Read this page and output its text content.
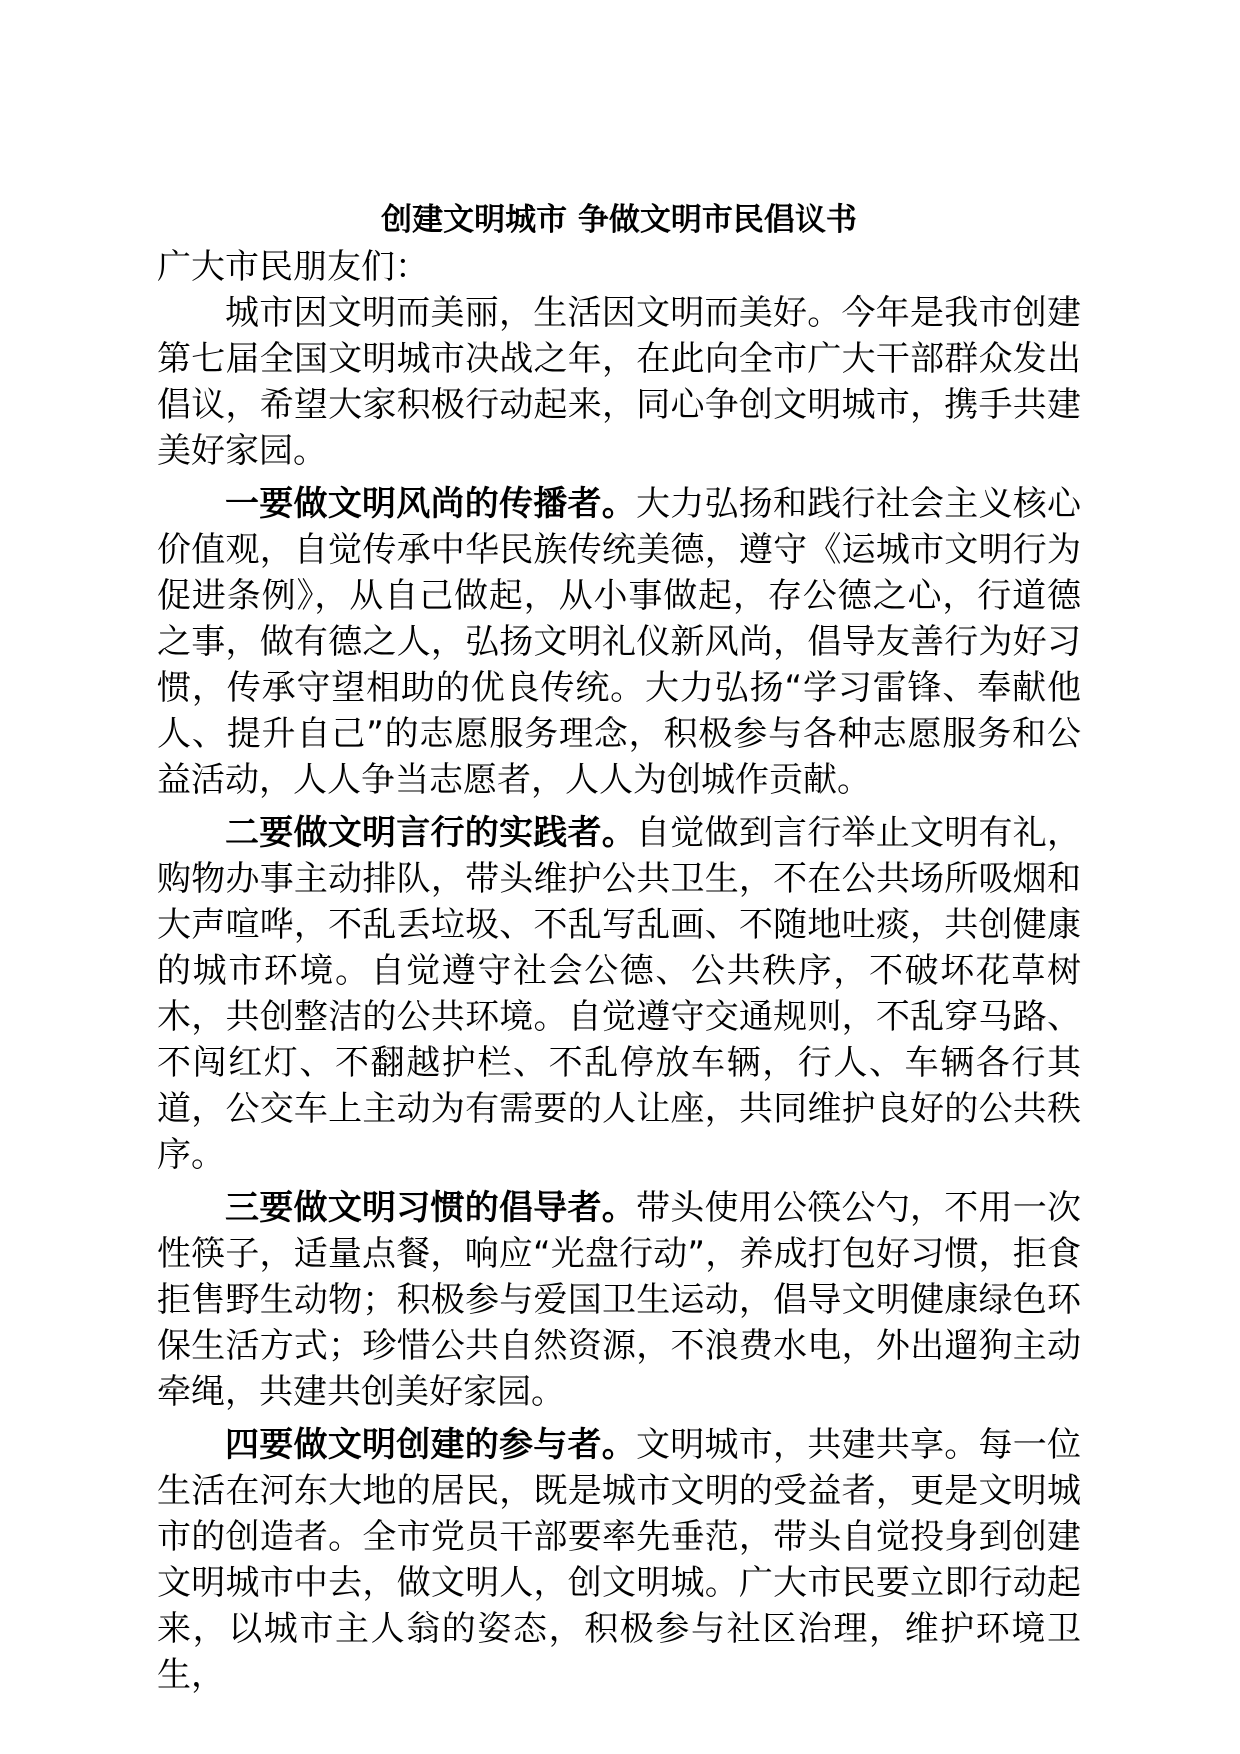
创建文明城市 争做文明市民倡议书

广大市民朋友们：

城市因文明而美丽，生活因文明而美好。今年是我市创建第七届全国文明城市决战之年，在此向全市广大干部群众发出倡议，希望大家积极行动起来，同心争创文明城市，携手共建美好家园。

一要做文明风尚的传播者。大力弘扬和践行社会主义核心价值观，自觉传承中华民族传统美德，遵守《运城市文明行为促进条例》，从自己做起，从小事做起，存公德之心，行道德之事，做有德之人，弘扬文明礼仪新风尚，倡导友善行为好习惯，传承守望相助的优良传统。大力弘扬“学习雷锋、奉献他人、提升自己”的志愿服务理念，积极参与各种志愿服务和公益活动，人人争当志愿者，人人为创城作贡献。

二要做文明言行的实践者。自觉做到言行举止文明有礼，购物办事主动排队，带头维护公共卫生，不在公共场所吸烟和大声喧哗，不乱丢垃圾、不乱写乱画、不随地吐痰，共创健康的城市环境。自觉遵守社会公德、公共秩序，不破坏花草树木，共创整洁的公共环境。自觉遵守交通规则，不乱穿马路、不闯红灯、不翻越护栏、不乱停放车辆，行人、车辆各行其道，公交车上主动为有需要的人让座，共同维护良好的公共秩序。

三要做文明习惯的倡导者。带头使用公筷公勺，不用一次性筷子，适量点餐，响应“光盘行动”，养成打包好习惯，拒食拒售野生动物；积极参与爱国卫生运动，倡导文明健康绿色环保生活方式；珍惜公共自然资源，不浪费水电，外出遛狗主动牵绳，共建共创美好家园。

四要做文明创建的参与者。文明城市，共建共享。每一位生活在河东大地的居民，既是城市文明的受益者，更是文明城市的创造者。全市党员干部要率先垂范，带头自觉投身到创建文明城市中去，做文明人，创文明城。广大市民要立即行动起来，以城市主人翁的姿态，积极参与社区治理，维护环境卫生，
